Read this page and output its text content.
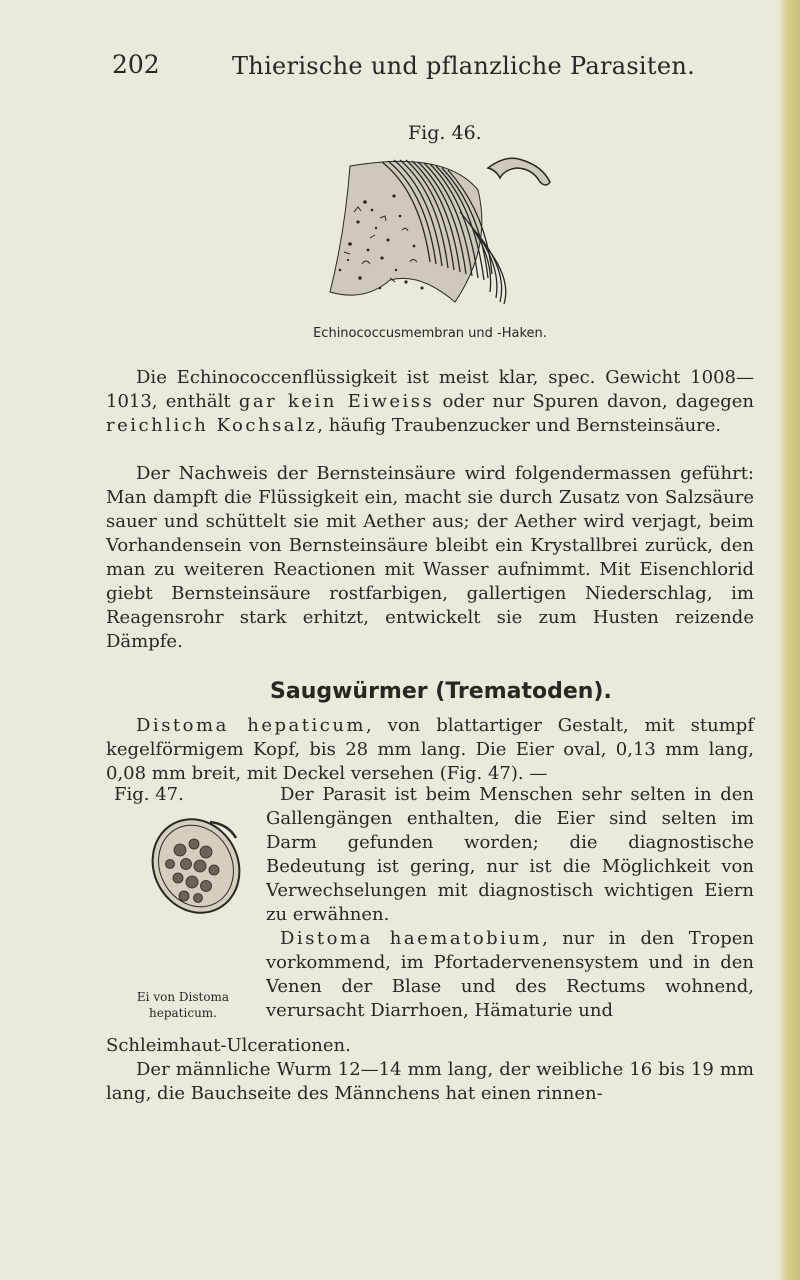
202	Thierische und pflanzliche Parasiten.
Fig. 46.
Echinococcusmembran und -Haken.

Die Echinococcenflüssigkeit ist meist klar, spec. Gewicht 1008—1013, enthält gar kein Eiweiss oder nur Spuren davon, dagegen reichlich Kochsalz, häufig Traubenzucker und Bernsteinsäure.

Der Nachweis der Bernsteinsäure wird folgendermassen geführt: Man dampft die Flüssigkeit ein, macht sie durch Zusatz von Salzsäure sauer und schüttelt sie mit Aether aus; der Aether wird verjagt, beim Vorhandensein von Bernsteinsäure bleibt ein Krystallbrei zurück, den man zu weiteren Reactionen mit Wasser aufnimmt. Mit Eisenchlorid giebt Bernsteinsäure rostfarbigen, gallertigen Niederschlag, im Reagensrohr stark erhitzt, entwickelt sie zum Husten reizende Dämpfe.

Saugwürmer (Trematoden).

Distoma hepaticum, von blattartiger Gestalt, mit stumpf kegelförmigem Kopf, bis 28 mm lang. Die Eier oval, 0,13 mm lang, 0,08 mm breit, mit Deckel versehen (Fig. 47). —

Fig. 47.
Ei von Distoma hepaticum.

Der Parasit ist beim Menschen sehr selten in den Gallengängen enthalten, die Eier sind selten im Darm gefunden worden; die diagnostische Bedeutung ist gering, nur ist die Möglichkeit von Verwechselungen mit diagnostisch wichtigen Eiern zu erwähnen.

Distoma haematobium, nur in den Tropen vorkommend, im Pfortadervenensystem und in den Venen der Blase und des Rectums wohnend, verursacht Diarrhoen, Hämaturie und

Schleimhaut-Ulcerationen.

Der männliche Wurm 12—14 mm lang, der weibliche 16 bis 19 mm lang, die Bauchseite des Männchens hat einen rinnen-
